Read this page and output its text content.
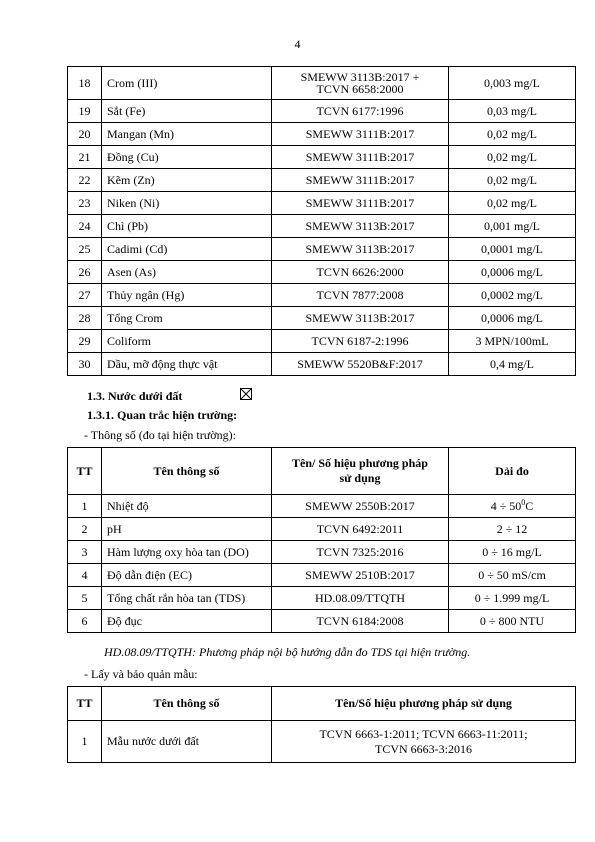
4
18	Crom (III)	SMEWW 3113B:2017 +
TCVN 6658:2000	0,003 mg/L
19	Sắt (Fe)	TCVN 6177:1996	0,03 mg/L
20	Mangan (Mn)	SMEWW 3111B:2017	0,02 mg/L
21	Đồng (Cu)	SMEWW 3111B:2017	0,02 mg/L
22	Kẽm (Zn)	SMEWW 3111B:2017	0,02 mg/L
23	Niken (Ni)	SMEWW 3111B:2017	0,02 mg/L
24	Chì (Pb)	SMEWW 3113B:2017	0,001 mg/L
25	Cadimi (Cd)	SMEWW 3113B:2017	0,0001 mg/L
26	Asen (As)	TCVN 6626:2000	0,0006 mg/L
27	Thủy ngân (Hg)	TCVN 7877:2008	0,0002 mg/L
28	Tổng Crom	SMEWW 3113B:2017	0,0006 mg/L
29	Coliform	TCVN 6187-2:1996	3 MPN/100mL
30	Dầu, mỡ động thực vật	SMEWW 5520B&F:2017	0,4 mg/L
1.3. Nước dưới đất
1.3.1. Quan trắc hiện trường:
- Thông số (đo tại hiện trường):
TT	Tên thông số	Tên/ Số hiệu phương pháp
sử dụng	Dải đo
1	Nhiệt độ	SMEWW 2550B:2017	$4 \div 50^0C$
2	pH	TCVN 6492:2011	2 ÷ 12
3	Hàm lượng oxy hòa tan (DO)	TCVN 7325:2016	0 ÷ 16 mg/L
4	Độ dẫn điện (EC)	SMEWW 2510B:2017	0 ÷ 50 mS/cm
5	Tổng chất rắn hòa tan (TDS)	HD.08.09/TTQTH	0 ÷ 1.999 mg/L
6	Độ đục	TCVN 6184:2008	0 ÷ 800 NTU
HD.08.09/TTQTH: Phương pháp nội bộ hướng dẫn đo TDS tại hiện trường.
- Lấy và bảo quản mẫu:
TT	Tên thông số	Tên/Số hiệu phương pháp sử dụng
1	Mẫu nước dưới đất	TCVN 6663-1:2011; TCVN 6663-11:2011;
TCVN 6663-3:2016
